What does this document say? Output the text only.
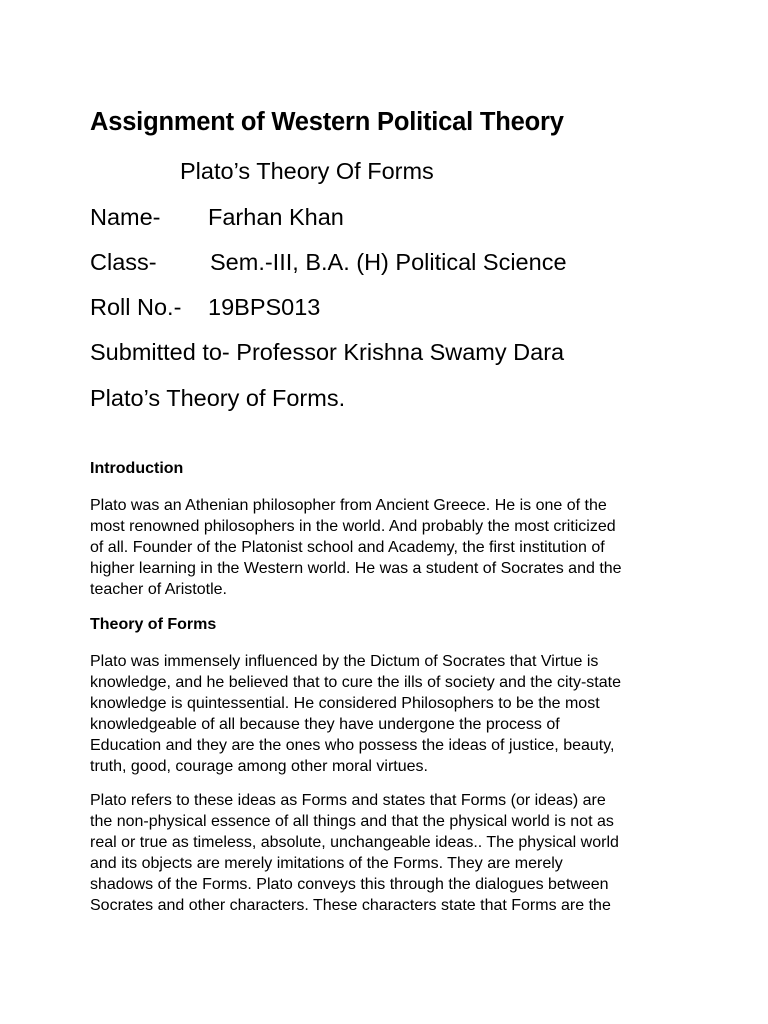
Assignment of Western Political Theory
Plato’s Theory Of Forms
Name- Farhan Khan
Class- Sem.-III, B.A. (H) Political Science
Roll No.- 19BPS013
Submitted to- Professor Krishna Swamy Dara
Plato’s Theory of Forms.
Introduction
Plato was an Athenian philosopher from Ancient Greece. He is one of the
most renowned philosophers in the world. And probably the most criticized
of all. Founder of the Platonist school and Academy, the first institution of
higher learning in the Western world. He was a student of Socrates and the
teacher of Aristotle.
Theory of Forms
Plato was immensely influenced by the Dictum of Socrates that Virtue is
knowledge, and he believed that to cure the ills of society and the city-state
knowledge is quintessential. He considered Philosophers to be the most
knowledgeable of all because they have undergone the process of
Education and they are the ones who possess the ideas of justice, beauty,
truth, good, courage among other moral virtues.
Plato refers to these ideas as Forms and states that Forms (or ideas) are
the non-physical essence of all things and that the physical world is not as
real or true as timeless, absolute, unchangeable ideas.. The physical world
and its objects are merely imitations of the Forms. They are merely
shadows of the Forms. Plato conveys this through the dialogues between
Socrates and other characters. These characters state that Forms are the
